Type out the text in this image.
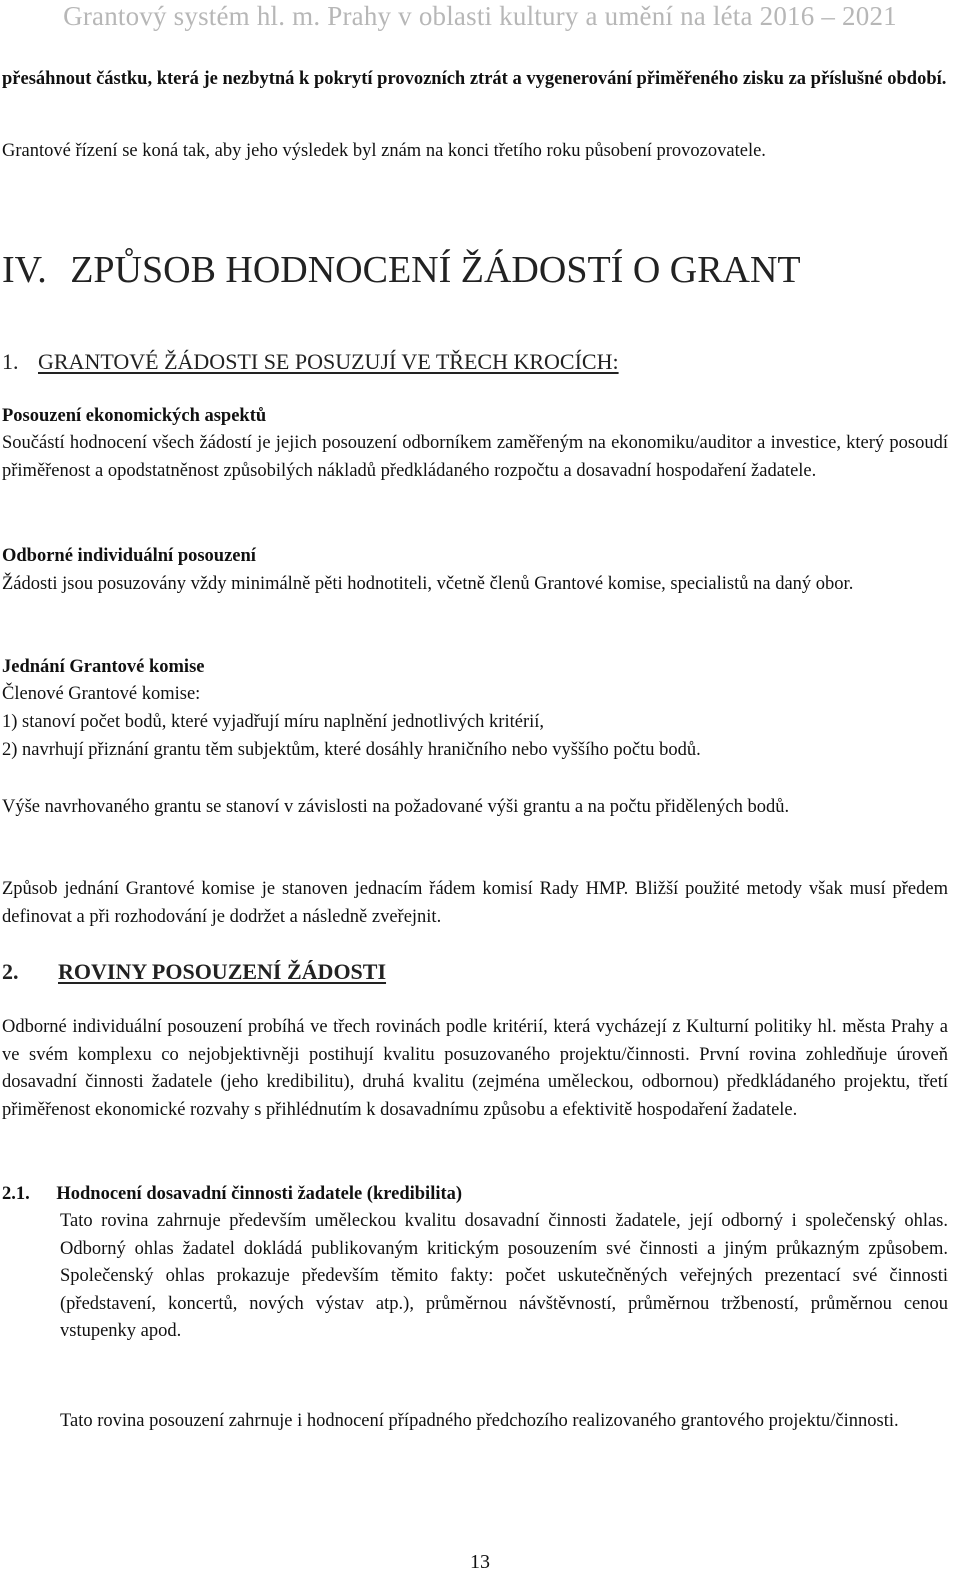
Grantový systém hl. m. Prahy v oblasti kultury a umění na léta 2016 – 2021
přesáhnout částku, která je nezbytná k pokrytí provozních ztrát a vygenerování přiměřeného zisku za příslušné období.
Grantové řízení se koná tak, aby jeho výsledek byl znám na konci třetího roku působení provozovatele.
IV. ZPŮSOB HODNOCENÍ ŽÁDOSTÍ O GRANT
1. GRANTOVÉ ŽÁDOSTI SE POSUZUJÍ VE TŘECH KROCÍCH:
Posouzení ekonomických aspektů
Součástí hodnocení všech žádostí je jejich posouzení odborníkem zaměřeným na ekonomiku/auditor a investice, který posoudí přiměřenost a opodstatněnost způsobilých nákladů předkládaného rozpočtu a dosavadní hospodaření žadatele.
Odborné individuální posouzení
Žádosti jsou posuzovány vždy minimálně pěti hodnotiteli, včetně členů Grantové komise, specialistů na daný obor.
Jednání Grantové komise
Členové Grantové komise:
1) stanoví počet bodů, které vyjadřují míru naplnění jednotlivých kritérií,
2) navrhují přiznání grantu těm subjektům, které dosáhly hraničního nebo vyššího počtu bodů.
Výše navrhovaného grantu se stanoví v závislosti na požadované výši grantu a na počtu přidělených bodů.
Způsob jednání Grantové komise je stanoven jednacím řádem komisí Rady HMP. Bližší použité metody však musí předem definovat a při rozhodování je dodržet a následně zveřejnit.
2. ROVINY POSOUZENÍ ŽÁDOSTI
Odborné individuální posouzení probíhá ve třech rovinách podle kritérií, která vycházejí z Kulturní politiky hl. města Prahy a ve svém komplexu co nejobjektivněji postihují kvalitu posuzovaného projektu/činnosti. První rovina zohledňuje úroveň dosavadní činnosti žadatele (jeho kredibilitu), druhá kvalitu (zejména uměleckou, odbornou) předkládaného projektu, třetí přiměřenost ekonomické rozvahy s přihlédnutím k dosavadnímu způsobu a efektivitě hospodaření žadatele.
2.1. Hodnocení dosavadní činnosti žadatele (kredibilita)
Tato rovina zahrnuje především uměleckou kvalitu dosavadní činnosti žadatele, její odborný i společenský ohlas. Odborný ohlas žadatel dokládá publikovaným kritickým posouzením své činnosti a jiným průkazným způsobem. Společenský ohlas prokazuje především těmito fakty: počet uskutečněných veřejných prezentací své činnosti (představení, koncertů, nových výstav atp.), průměrnou návštěvností, průměrnou tržbeností, průměrnou cenou vstupenky apod.
Tato rovina posouzení zahrnuje i hodnocení případného předchozího realizovaného grantového projektu/činnosti.
13
